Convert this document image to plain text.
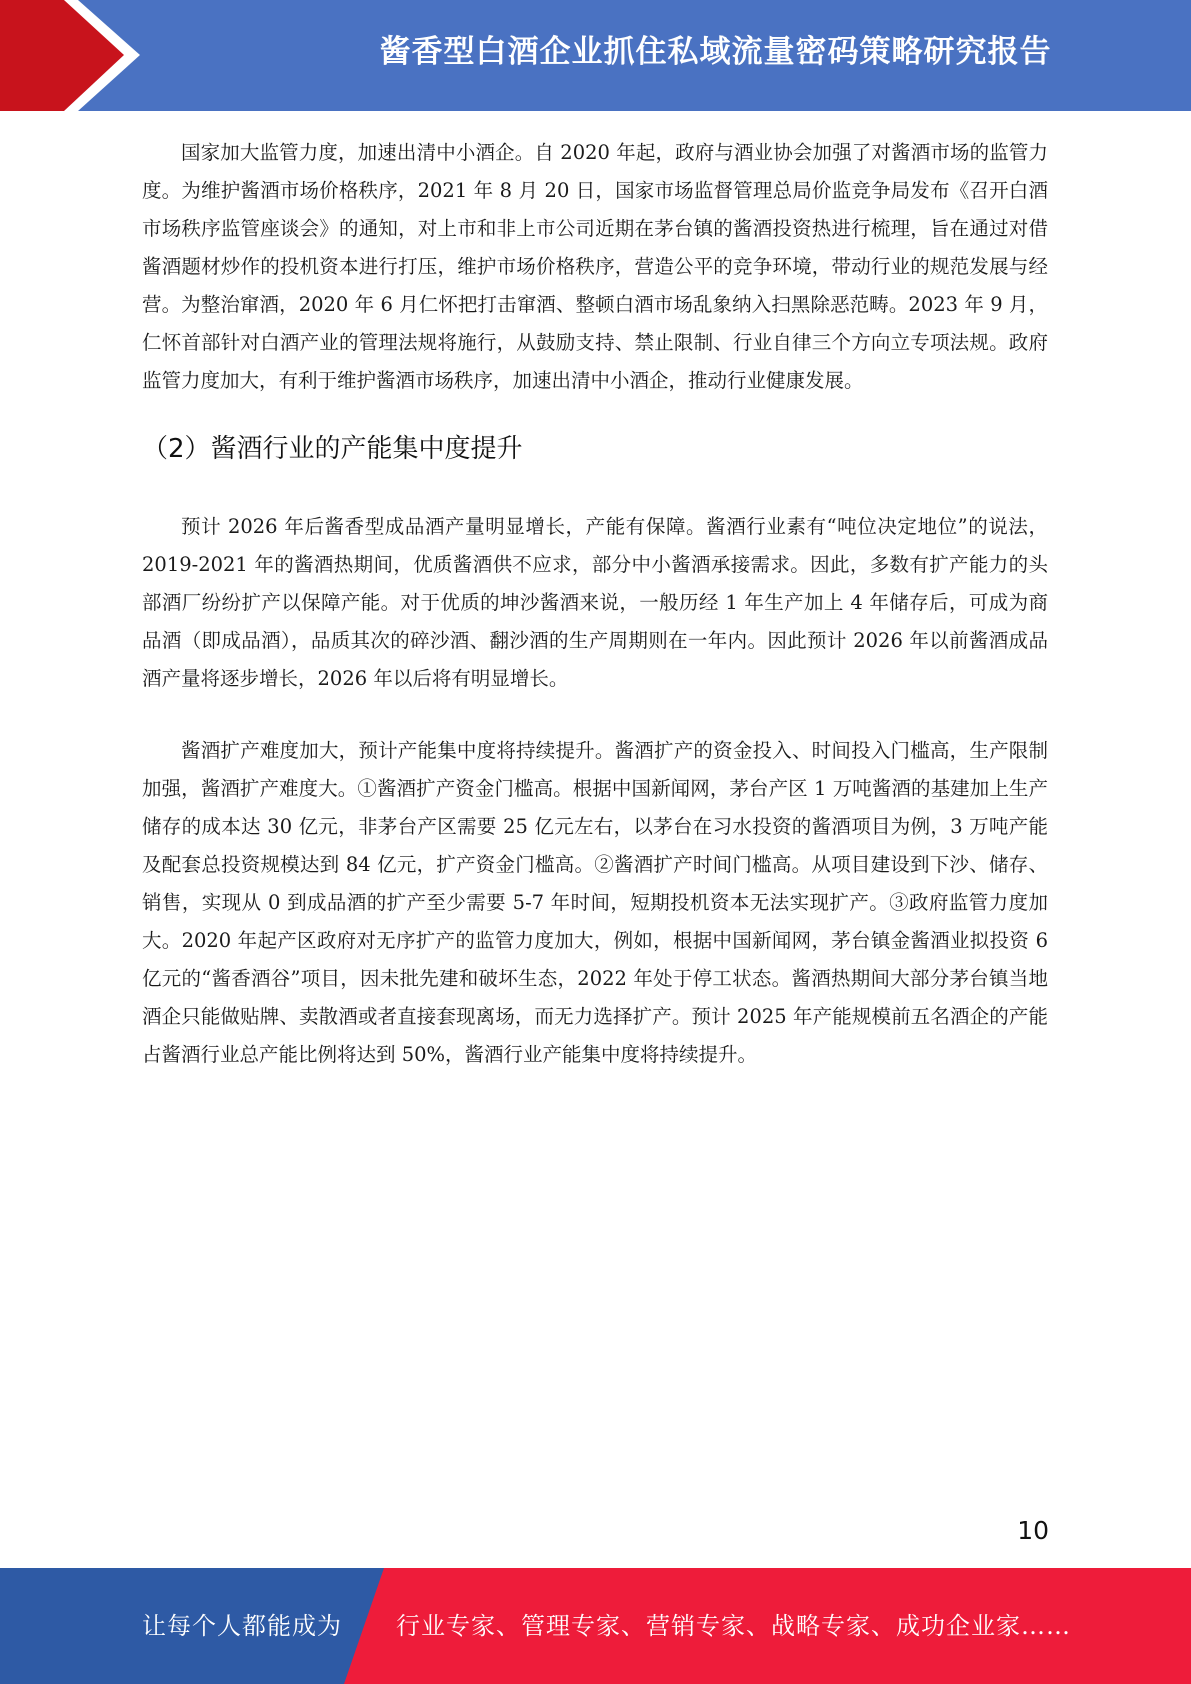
酱香型白酒企业抓住私域流量密码策略研究报告

国家加大监管力度，加速出清中小酒企。自 2020 年起，政府与酒业协会加强了对酱酒市场的监管力度。为维护酱酒市场价格秩序，2021 年 8 月 20 日，国家市场监督管理总局价监竞争局发布《召开白酒市场秩序监管座谈会》的通知，对上市和非上市公司近期在茅台镇的酱酒投资热进行梳理，旨在通过对借酱酒题材炒作的投机资本进行打压，维护市场价格秩序，营造公平的竞争环境，带动行业的规范发展与经营。为整治窜酒，2020 年 6 月仁怀把打击窜酒、整顿白酒市场乱象纳入扫黑除恶范畴。2023 年 9 月，仁怀首部针对白酒产业的管理法规将施行，从鼓励支持、禁止限制、行业自律三个方向立专项法规。政府监管力度加大，有利于维护酱酒市场秩序，加速出清中小酒企，推动行业健康发展。

（2）酱酒行业的产能集中度提升

预计 2026 年后酱香型成品酒产量明显增长，产能有保障。酱酒行业素有“吨位决定地位”的说法，2019-2021 年的酱酒热期间，优质酱酒供不应求，部分中小酱酒承接需求。因此，多数有扩产能力的头部酒厂纷纷扩产以保障产能。对于优质的坤沙酱酒来说，一般历经 1 年生产加上 4 年储存后，可成为商品酒（即成品酒），品质其次的碎沙酒、翻沙酒的生产周期则在一年内。因此预计 2026 年以前酱酒成品酒产量将逐步增长，2026 年以后将有明显增长。

酱酒扩产难度加大，预计产能集中度将持续提升。酱酒扩产的资金投入、时间投入门槛高，生产限制加强，酱酒扩产难度大。①酱酒扩产资金门槛高。根据中国新闻网，茅台产区 1 万吨酱酒的基建加上生产储存的成本达 30 亿元，非茅台产区需要 25 亿元左右，以茅台在习水投资的酱酒项目为例，3 万吨产能及配套总投资规模达到 84 亿元，扩产资金门槛高。②酱酒扩产时间门槛高。从项目建设到下沙、储存、销售，实现从 0 到成品酒的扩产至少需要 5-7 年时间，短期投机资本无法实现扩产。③政府监管力度加大。2020 年起产区政府对无序扩产的监管力度加大，例如，根据中国新闻网，茅台镇金酱酒业拟投资 6 亿元的“酱香酒谷”项目，因未批先建和破坏生态，2022 年处于停工状态。酱酒热期间大部分茅台镇当地酒企只能做贴牌、卖散酒或者直接套现离场，而无力选择扩产。预计 2025 年产能规模前五名酒企的产能占酱酒行业总产能比例将达到 50%，酱酒行业产能集中度将持续提升。

10
让每个人都能成为 行业专家、管理专家、营销专家、战略专家、成功企业家……
